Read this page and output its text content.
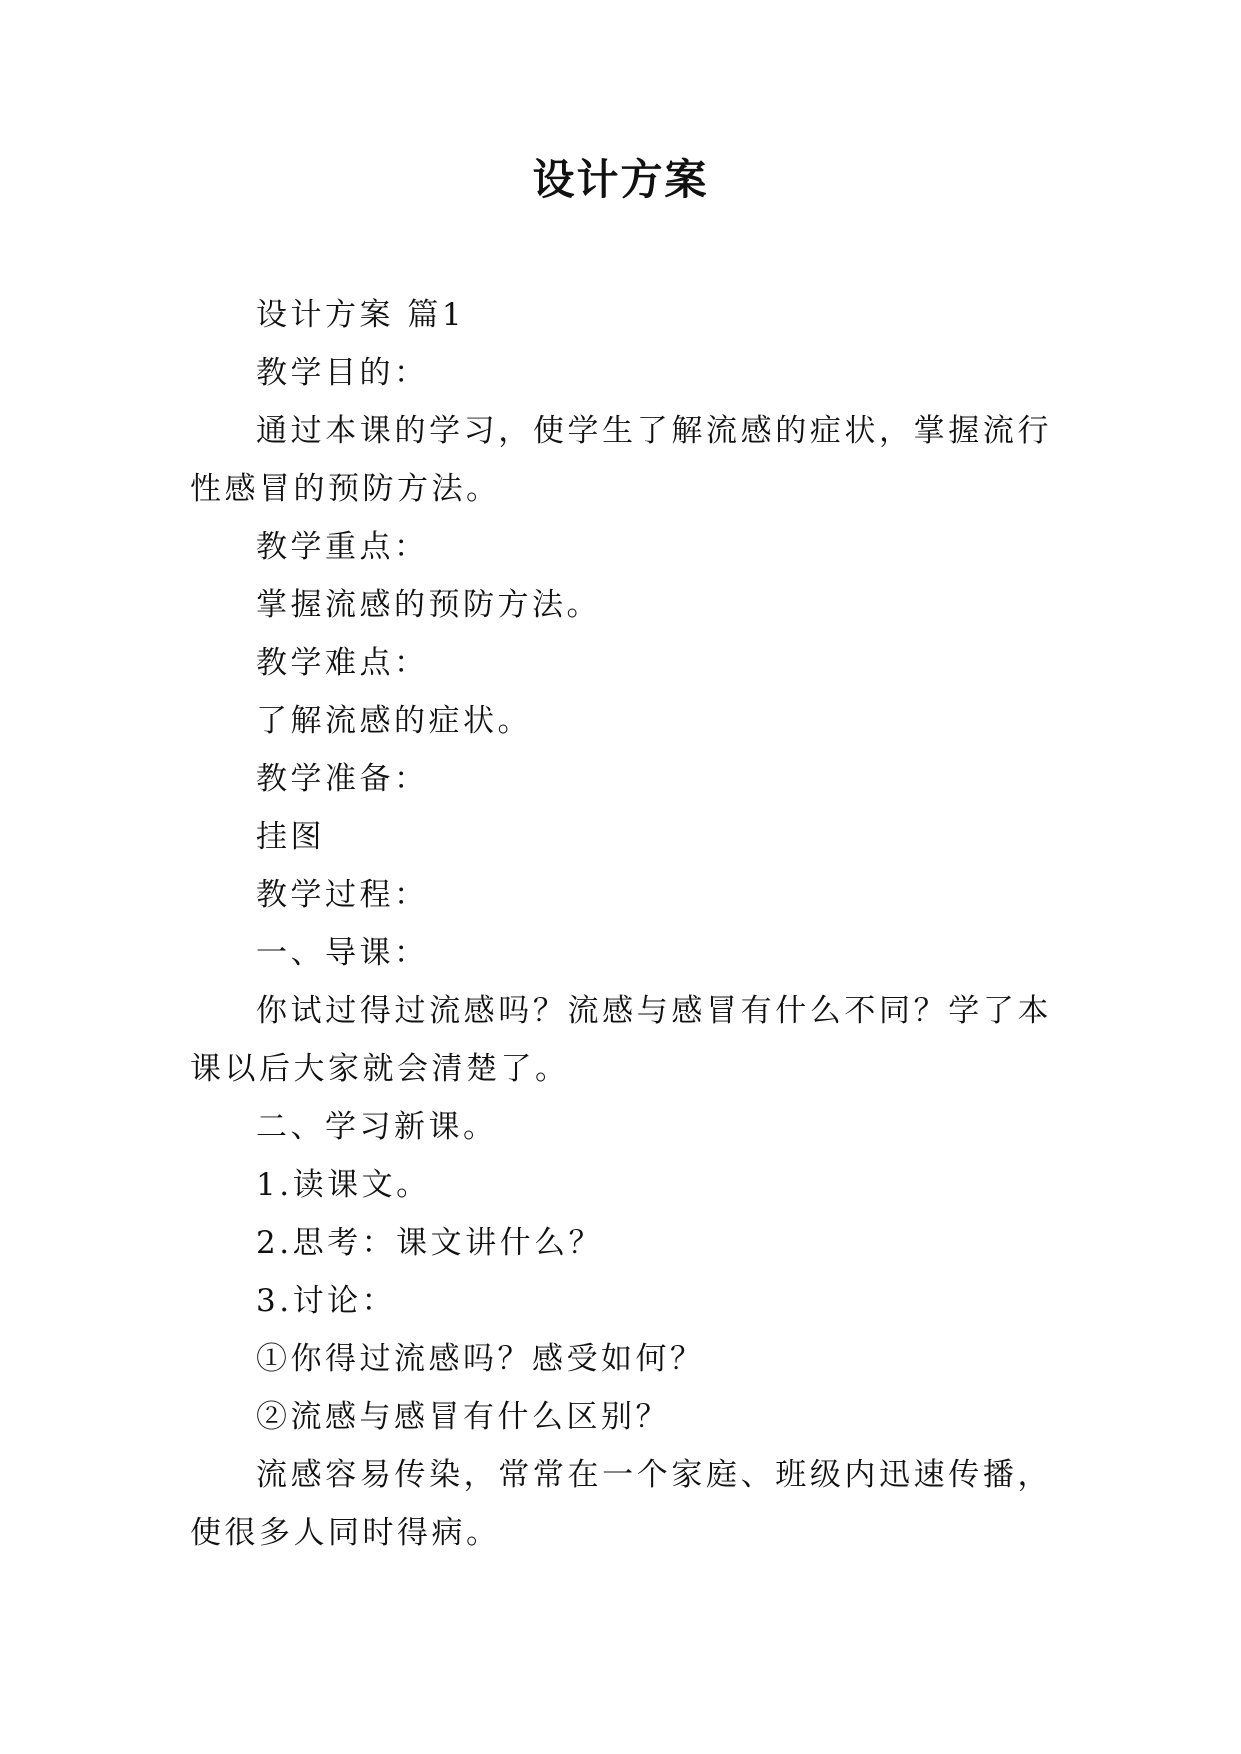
设计方案

设计方案 篇1

教学目的：

通过本课的学习，使学生了解流感的症状，掌握流行性感冒的预防方法。

教学重点：

掌握流感的预防方法。

教学难点：

了解流感的症状。

教学准备：

挂图

教学过程：

一、导课：

你试过得过流感吗？流感与感冒有什么不同？学了本课以后大家就会清楚了。

二、学习新课。

1.读课文。

2.思考：课文讲什么？

3.讨论：

①你得过流感吗？感受如何？

②流感与感冒有什么区别？

流感容易传染，常常在一个家庭、班级内迅速传播，使很多人同时得病。
